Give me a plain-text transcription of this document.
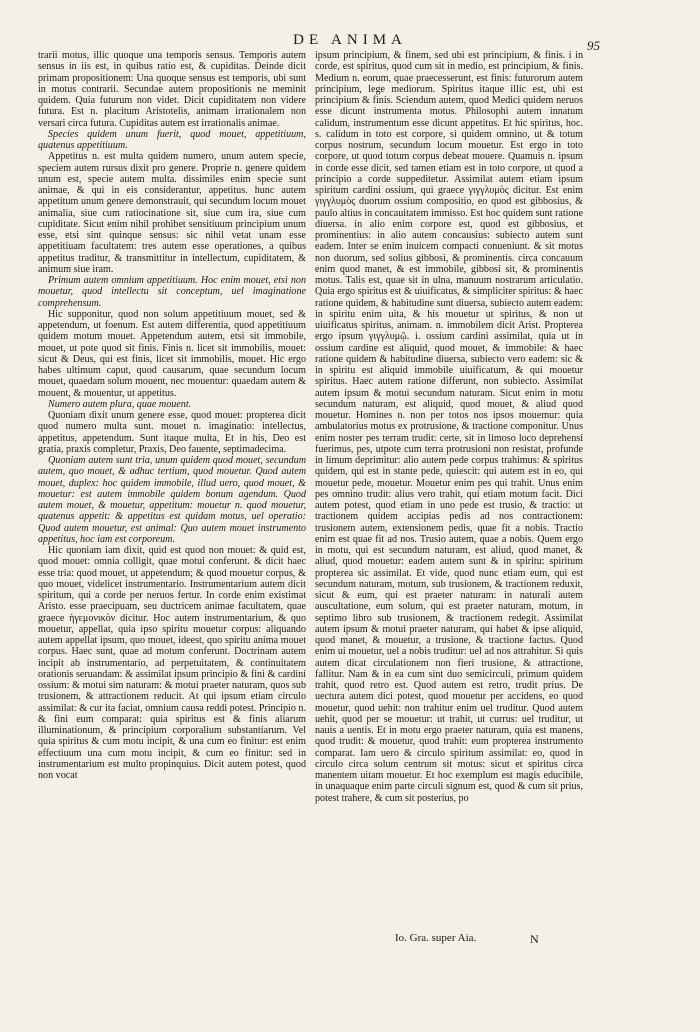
DE ANIMA	95

trarii motus, illic quoque una temporis sensus. Temporis autem sensus in iis est, in quibus ratio est, & cupiditas. Deinde dicit primam propositionem: Una quoque sensus est temporis, ubi sunt in motus contrarii. Secundae autem propositionis ne meminit quidem. Quia futurum non videt. Dicit cupiditatem non videre futura. Est n. placitum Aristotelis, animam irrationalem non versari circa futura. Cupiditas autem est irrationalis animae.

Species quidem unum fuerit, quod mouet, appetitiuum, quatenus appetitiuum.

Appetitus n. est multa quidem numero, unum autem specie, speciem autem rursus dixit pro genere. Proprie n. genere quidem unum est, specie autem multa. dissimiles enim specie sunt animae, & qui in eis considerantur, appetitus. hunc autem appetitum unum genere demonstrauit, qui secundum locum mouet animalia, siue cum ratiocinatione sit, siue cum ira, siue cum cupiditate. Sicut enim nihil prohibet sensitiuum principium unum esse, etsi sint quinque sensus: sic nihil vetat unam esse appetitiuam facultatem: tres autem esse operationes, a quibus appetitus traditur, & transmittitur in intellectum, cupiditatem, & animum siue iram.

Primum autem omnium appetitiuum. Hoc enim mouet, etsi non mouetur, quod intellectu sit conceptum, uel imaginatione comprehensum.

Hic supponitur, quod non solum appetitiuum mouet, sed & appetendum, ut foenum. Est autem differentia, quod appetitiuum quidem motum mouet. Appetendum autem, etsi sit immobile, mouet, ut pote quod sit finis. Finis n. licet sit immobilis, mouet: sicut & Deus, qui est finis, licet sit immobilis, mouet. Hic ergo habes ultimum caput, quod causarum, quae secundum locum mouet, quaedam solum mouent, nec mouentur: quaedam autem & mouent, & mouentur, ut appetitus.

Numero autem plura, quae mouent.

Quoniam dixit unum genere esse, quod mouet: propterea dicit quod numero multa sunt. mouet n. imaginatio: intellectus, appetitus, appetendum. Sunt itaque multa, Et in his, Deo est gratia, praxis completur, Praxis, Deo fauente, septimadecima.

Quoniam autem sunt tria, unum quidem quod mouet, secundum autem, quo mouet, & adhuc tertium, quod mouetur. Quod autem mouet, duplex: hoc quidem immobile, illud uero, quod mouet, & mouetur: est autem immobile quidem bonum agendum. Quod autem mouet, & mouetur, appetitum: mouetur n. quod mouetur, quatenus appetit: & appetitus est quidam motus, uel operatio: Quod autem mouetur, est animal: Quo autem mouet instrumento appetitus, hoc iam est corporeum.

Hic quoniam iam dixit, quid est quod non mouet: & quid est, quod mouet: omnia colligit, quae motui conferunt. & dicit haec esse tria: quod mouet, ut appetendum; & quod mouetur corpus, & quo mouet, videlicet instrumentario. Instrumentarium autem dicit spiritum, qui a corde per neruos fertur. In corde enim existimat Aristo. esse praecipuam, seu ductricem animae facultatem, quae graece ἡγεμονικὸν dicitur. Hoc autem instrumentarium, & quo mouetur, appellat, quia ipso spiritu mouetur corpus: aliquando autem appellat ipsum, quo mouet, ideest, quo spiritu anima mouet corpus. Haec sunt, quae ad motum conferunt. Doctrinam autem incipit ab instrumentario, ad perpetuitatem, & continuitatem orationis seruandam: & assimilat ipsum principio & fini & cardini ossium: & motui sim naturam: & motui praeter naturam, quos sub trusionem, & attractionem reducit. At qui ipsum etiam circulo assimilat: & cur ita faciat, omnium causa reddi potest. Principio n. & fini eum comparat: quia spiritus est & finis aliarum illuminationum, & principium corporalium substantiarum. Vel quia spiritus & cum motu incipit, & una cum eo finitur: est enim effectiuum una cum motu incipit, & cum eo finitur: sed in instrumentarium est multo propinquius. Dicit autem potest, quod non vocat

ipsum principium, & finem, sed ubi est principium, & finis. i in corde, est spiritus, quod cum sit in medio, est principium, & finis. Medium n. eorum, quae praecesserunt, est finis: futurorum autem principium, lege mediorum. Spiritus itaque illic est, ubi est principium & finis. Sciendum autem, quod Medici quidem neruos esse dicunt instrumenta motus. Philosophi autem innatum calidum, instrumentum esse dicunt appetitus. Et hic spiritus, hoc. s. calidum in toto est corpore, si quidem omnino, ut & totum corpus nostrum, secundum locum mouetur. Est ergo in toto corpore, ut quod totum corpus debeat mouere. Quamuis n. ipsum in corde esse dicit, sed tamen etiam est in toto corpore, ut quod a principio a corde suppeditetur. Assimilat autem etiam ipsum spiritum cardini ossium, qui graece γιγγλυμὸς dicitur. Est enim γιγγλυμὸς duorum ossium compositio, eo quod est gibbosius, & paulo altius in concauitatem immisso. Est hoc quidem sunt ratione diuersa. in alio enim corpore est, quod est gibbosius, et prominentius: in alio autem concausius: subiecto autem sunt eadem. Inter se enim inuicem compacti conueniunt. & sit motus non duorum, sed solius gibbosi, & prominentis. circa concauum enim quod manet, & est immobile, gibbosi sit, & prominentis motus. Talis est, quae sit in ulna, manuum nostrarum articulatio. Quia ergo spiritus est & uiuificatus, & simpliciter spiritus: & haec ratione quidem, & habitudine sunt diuersa, subiecto autem eadem: in spiritu enim uita, & his mouetur ut spiritus, & non ut uiuificatus spiritus, animam. n. immobilem dicit Arist. Propterea ergo ipsum γιγγλυμῷ. i. ossium cardini assimilat, quia ut in ossium cardine est aliquid, quod mouet, & immobile: & haec ratione quidem & habitudine diuersa, subiecto vero eadem: sic & in spiritu est aliquid immobile uiuificatum, & qui mouetur spiritus. Haec autem ratione differunt, non subiecto. Assimilat autem ipsum & motui secundum naturam. Sicut enim in motu secundum naturam, est aliquid, quod mouet, & aliud quod mouetur. Homines n. non per totos nos ipsos mouemur: quia ambulatorius motus ex protrusione, & tractione componitur. Unus enim noster pes terram trudit: certe, sit in limoso loco deprehensi fuerimus, pes, utpote cum terra protrusioni non resistat, profunde in limum deprimitur: alio autem pede corpus trahimus: & spiritus quidem, qui est in stante pede, quiescit: qui autem est in eo, qui mouetur pede, mouetur. Mouetur enim pes qui trahit. Unus enim pes omnino trudit: alius vero trahit, qui etiam motum facit. Dici autem potest, quod etiam in uno pede est trusio, & tractio: ut tractionem quidem accipias pedis ad nos contractionem: trusionem autem, extensionem pedis, quae fit a nobis. Tractio enim est quae fit ad nos. Trusio autem, quae a nobis. Quem ergo in motu, qui est secundum naturam, est aliud, quod manet, & aliud, quod mouetur: eadem autem sunt & in spiritu: spiritum propterea sic assimilat. Et vide, quod nunc etiam eum, qui est secundum naturam, motum, sub trusionem, & tractionem reduxit, sicut & eum, qui est praeter naturam: in naturali autem auscultatione, eum solum, qui est praeter naturam, motum, in septimo libro sub trusionem, & tractionem redegit. Assimilat autem ipsum & motui praeter naturam, qui habet & ipse aliquid, quod manet, & mouetur, a trusione, & tractione factus. Quod enim ui mouetur, uel a nobis truditur: uel ad nos attrahitur. Si quis autem dicat circulationem non fieri trusione, & attractione, fallitur. Nam & in ea cum sint duo semicirculi, primum quidem trahit, quod retro est. Quod autem est retro, trudit prius. De uectura autem dici potest, quod mouetur per accidens, eo quod mouetur, quod uehit: non trahitur enim uel truditur. Quod autem uehit, quod per se mouetur: ut trahit, ut currus: uel truditur, ut nauis a uentis. Et in motu ergo praeter naturam, quia est manens, quod trudit: & mouetur, quod trahit: eum propterea instrumento comparat. Iam uero & circulo spiritum assimilat: eo, quod in circulo circa solum centrum sit motus: sicut et spiritus circa manentem uitam mouetur. Et hoc exemplum est magis educibile, in unaquaque enim parte circuli signum est, quod & cum sit prius, potest trahere, & cum sit posterius, po

Io. Gra. super Aia.	N
